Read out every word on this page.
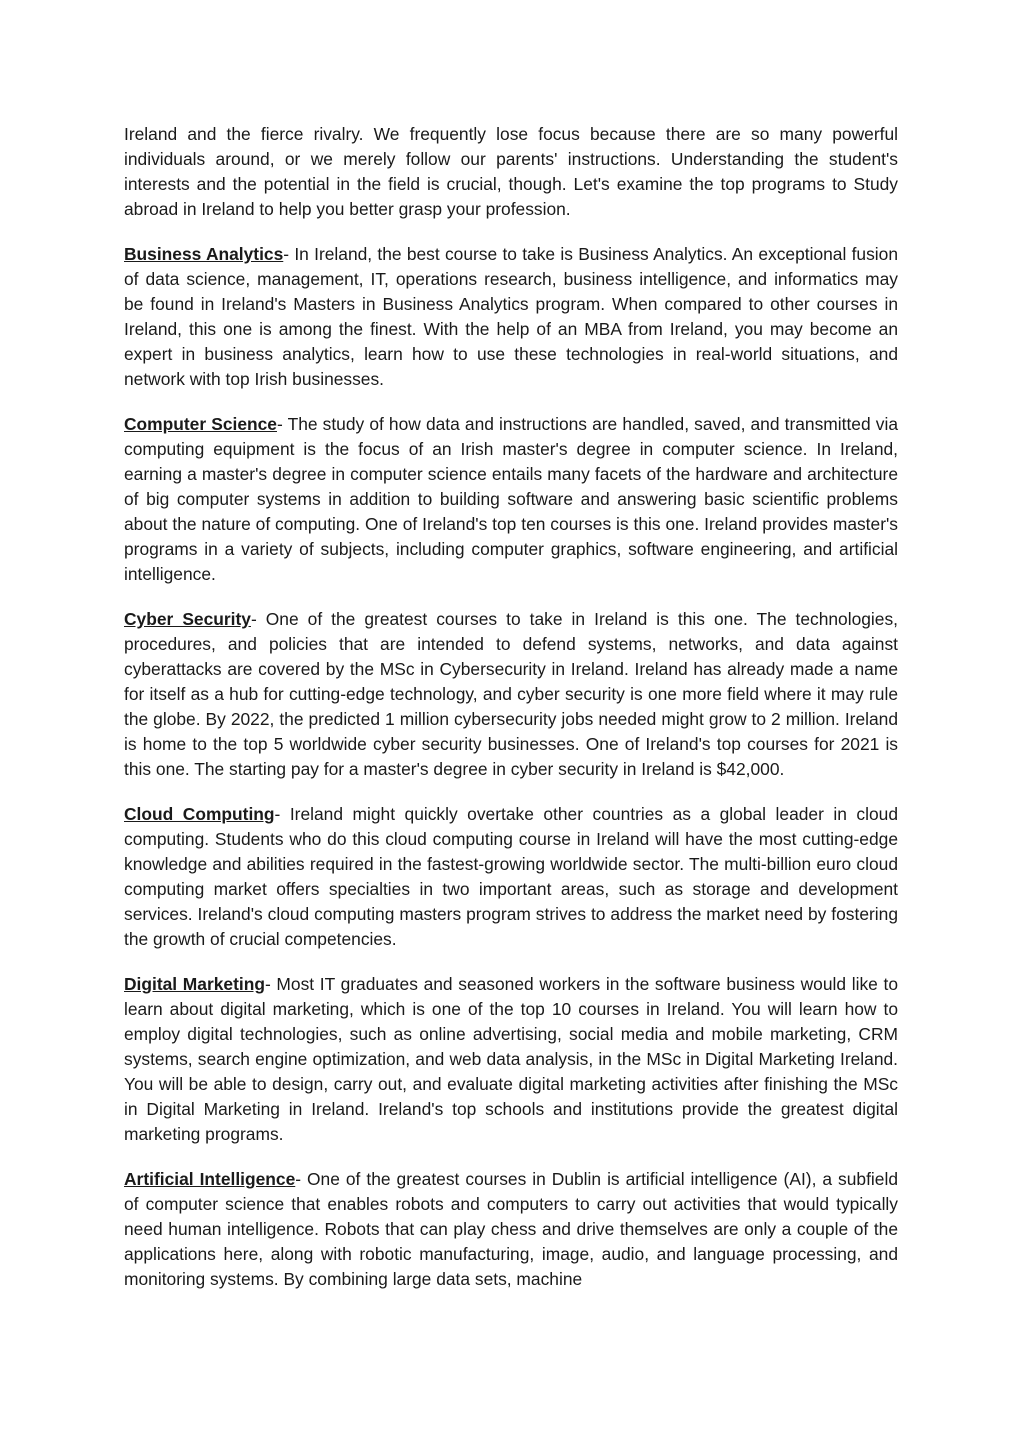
Ireland and the fierce rivalry. We frequently lose focus because there are so many powerful individuals around, or we merely follow our parents' instructions. Understanding the student's interests and the potential in the field is crucial, though. Let's examine the top programs to Study abroad in Ireland to help you better grasp your profession.

Business Analytics- In Ireland, the best course to take is Business Analytics. An exceptional fusion of data science, management, IT, operations research, business intelligence, and informatics may be found in Ireland's Masters in Business Analytics program. When compared to other courses in Ireland, this one is among the finest. With the help of an MBA from Ireland, you may become an expert in business analytics, learn how to use these technologies in real-world situations, and network with top Irish businesses.

Computer Science- The study of how data and instructions are handled, saved, and transmitted via computing equipment is the focus of an Irish master's degree in computer science. In Ireland, earning a master's degree in computer science entails many facets of the hardware and architecture of big computer systems in addition to building software and answering basic scientific problems about the nature of computing. One of Ireland's top ten courses is this one. Ireland provides master's programs in a variety of subjects, including computer graphics, software engineering, and artificial intelligence.

Cyber Security- One of the greatest courses to take in Ireland is this one. The technologies, procedures, and policies that are intended to defend systems, networks, and data against cyberattacks are covered by the MSc in Cybersecurity in Ireland. Ireland has already made a name for itself as a hub for cutting-edge technology, and cyber security is one more field where it may rule the globe. By 2022, the predicted 1 million cybersecurity jobs needed might grow to 2 million. Ireland is home to the top 5 worldwide cyber security businesses. One of Ireland's top courses for 2021 is this one. The starting pay for a master's degree in cyber security in Ireland is $42,000.

Cloud Computing- Ireland might quickly overtake other countries as a global leader in cloud computing. Students who do this cloud computing course in Ireland will have the most cutting-edge knowledge and abilities required in the fastest-growing worldwide sector. The multi-billion euro cloud computing market offers specialties in two important areas, such as storage and development services. Ireland's cloud computing masters program strives to address the market need by fostering the growth of crucial competencies.

Digital Marketing- Most IT graduates and seasoned workers in the software business would like to learn about digital marketing, which is one of the top 10 courses in Ireland. You will learn how to employ digital technologies, such as online advertising, social media and mobile marketing, CRM systems, search engine optimization, and web data analysis, in the MSc in Digital Marketing Ireland. You will be able to design, carry out, and evaluate digital marketing activities after finishing the MSc in Digital Marketing in Ireland. Ireland's top schools and institutions provide the greatest digital marketing programs.

Artificial Intelligence- One of the greatest courses in Dublin is artificial intelligence (AI), a subfield of computer science that enables robots and computers to carry out activities that would typically need human intelligence. Robots that can play chess and drive themselves are only a couple of the applications here, along with robotic manufacturing, image, audio, and language processing, and monitoring systems. By combining large data sets, machine
